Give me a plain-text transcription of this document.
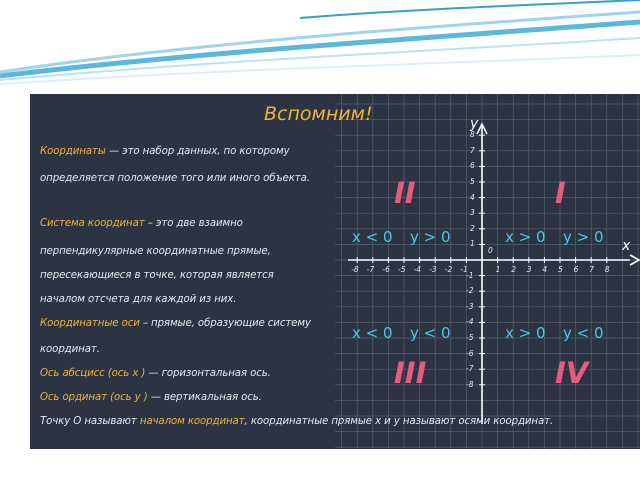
Вспомним!
Координаты — это набор данных, по которому
определяется положение того или иного объекта.
Система координат – это две взаимно
перпендикулярные координатные прямые,
пересекающиеся в точке, которая является
началом отсчета для каждой из них.
Координатные оси – прямые, образующие систему
координат.
Ось абсцисс (ось x ) — горизонтальная ось.
Ось ординат (ось y ) — вертикальная ось.
Точку O называют началом координат, координатные прямые x и y называют осями координат.
y
x
0
-8 -7 -6 -5 -4 -3 -2 -1	1 2 3 4 5 6 7 8
8
7
6
5
4
3
2
1
-1
-2
-3
-4
-5
-6
-7
-8
II
x < 0 y > 0
I
x > 0 y > 0
III
x < 0 y < 0
IV
x > 0 y < 0
